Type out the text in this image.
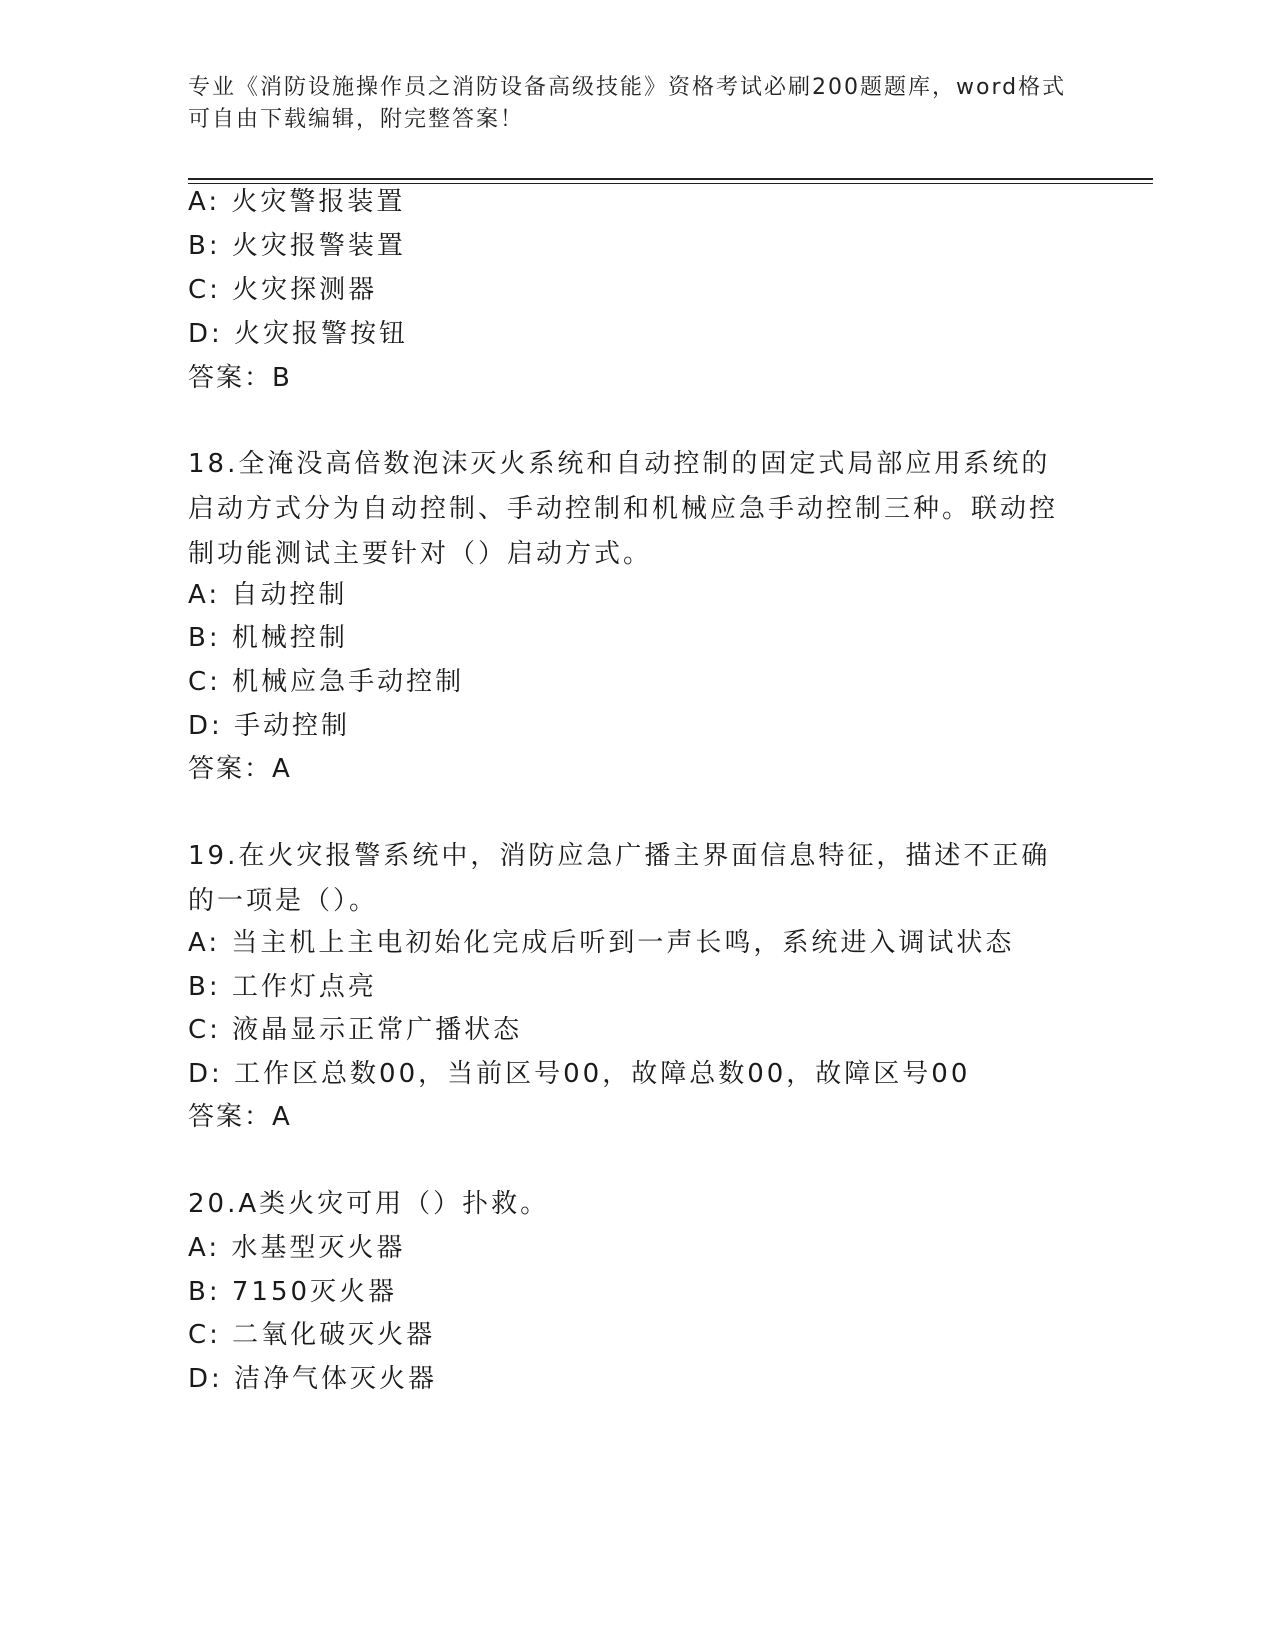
专业《消防设施操作员之消防设备高级技能》资格考试必刷200题题库，word格式可自由下载编辑，附完整答案！
A: 火灾警报装置
B: 火灾报警装置
C: 火灾探测器
D: 火灾报警按钮
答案：B
18.全淹没高倍数泡沫灭火系统和自动控制的固定式局部应用系统的启动方式分为自动控制、手动控制和机械应急手动控制三种。联动控制功能测试主要针对（）启动方式。
A: 自动控制
B: 机械控制
C: 机械应急手动控制
D: 手动控制
答案：A
19.在火灾报警系统中，消防应急广播主界面信息特征，描述不正确的一项是（）。
A: 当主机上主电初始化完成后听到一声长鸣，系统进入调试状态
B: 工作灯点亮
C: 液晶显示正常广播状态
D: 工作区总数00，当前区号00，故障总数00，故障区号00
答案：A
20.A类火灾可用（）扑救。
A: 水基型灭火器
B: 7150灭火器
C: 二氧化破灭火器
D: 洁净气体灭火器
